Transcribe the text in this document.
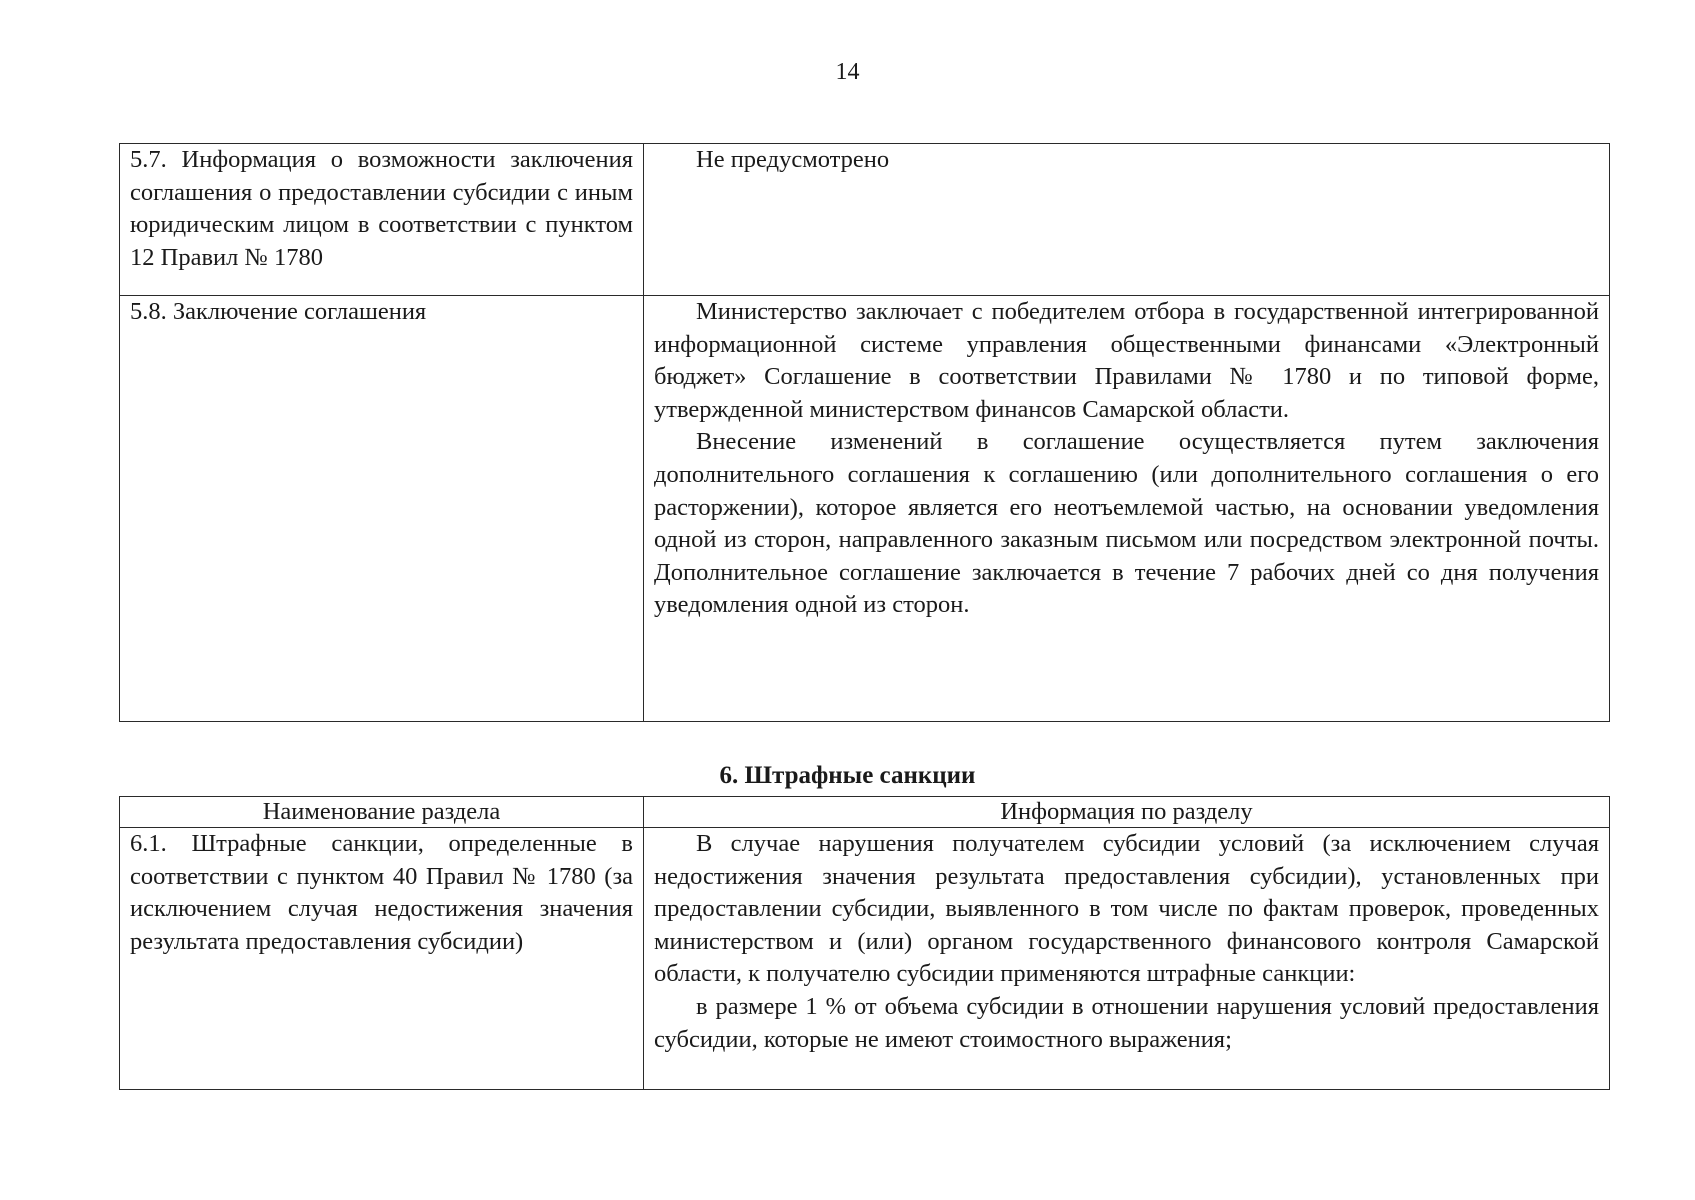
14

5.7. Информация о возможности заключения соглашения о предоставлении субсидии с иным юридическим лицом в соответствии с пунктом 12 Правил № 1780	Не предусмотрено

5.8. Заключение соглашения	Министерство заключает с победителем отбора в государственной интегрированной информационной системе управления общественными финансами «Электронный бюджет» Соглашение в соответствии Правилами № 1780 и по типовой форме, утвержденной министерством финансов Самарской области.

Внесение изменений в соглашение осуществляется путем заключения дополнительного соглашения к соглашению (или дополнительного соглашения о его расторжении), которое является его неотъемлемой частью, на основании уведомления одной из сторон, направленного заказным письмом или посредством электронной почты. Дополнительное соглашение заключается в течение 7 рабочих дней со дня получения уведомления одной из сторон.

6. Штрафные санкции
Наименование раздела	Информация по разделу

6.1. Штрафные санкции, определенные в соответствии с пунктом 40 Правил № 1780 (за исключением случая недостижения значения результата предоставления субсидии)	В случае нарушения получателем субсидии условий (за исключением случая недостижения значения результата предоставления субсидии), установленных при предоставлении субсидии, выявленного в том числе по фактам проверок, проведенных министерством и (или) органом государственного финансового контроля Самарской области, к получателю субсидии применяются штрафные санкции:

в размере 1 % от объема субсидии в отношении нарушения условий предоставления субсидии, которые не имеют стоимостного выражения;
